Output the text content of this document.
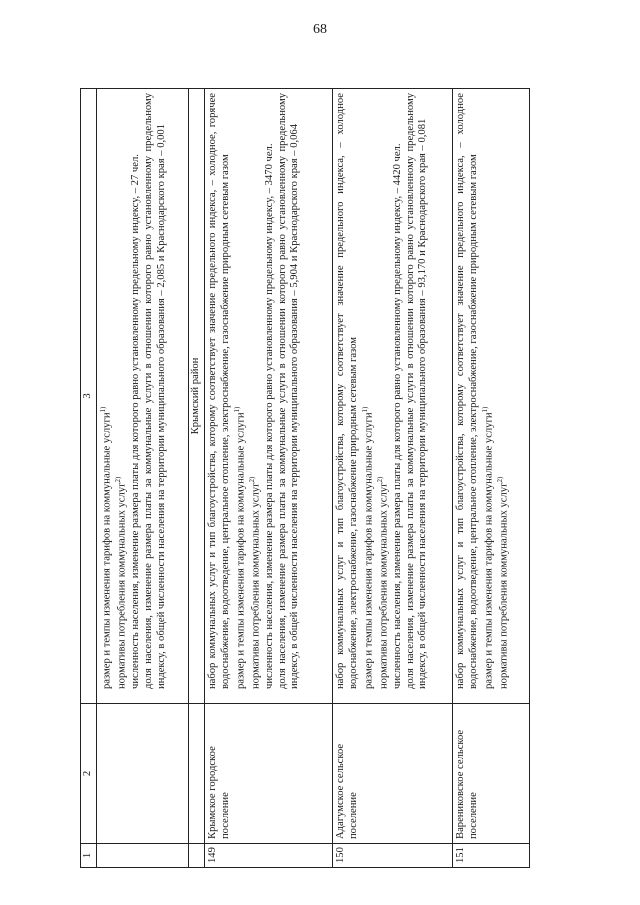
68
1	2	3

		размер и темпы изменения тарифов на коммунальные услуги$^{1)}$
нормативы потребления коммунальных услуг$^{2)}$ численность населения, изменение размера платы для которого равно установленному предельному индексу, – 27 чел. доля населения, изменение размера платы за коммунальные услуги в отношении которого равно установленному предельному индексу, в общей численности населения на территории муниципального образования – 2,085 и Краснодарского края – 0,001

		Крымский район
149	Крымское городское поселение	набор коммунальных услуг и тип благоустройства, которому соответствует значение предельного индекса, – холодное, горячее водоснабжение, водоотведение, центральное отопление, электроснабжение, газоснабжение природным сетевым газом размер и темпы изменения тарифов на коммунальные услуги$^{1)}$
нормативы потребления коммунальных услуг$^{2)}$ численность населения, изменение размера платы для которого равно установленному предельному индексу, – 3470 чел. доля населения, изменение размера платы за коммунальные услуги в отношении которого равно установленному предельному индексу, в общей численности населения на территории муниципального образования – 5,904 и Краснодарского края – 0,064

150	Адагумское сельское поселение	набор коммунальных услуг и тип благоустройства, которому соответствует значение предельного индекса, – холодное водоснабжение, электроснабжение, газоснабжение природным сетевым газом размер и темпы изменения тарифов на коммунальные услуги$^{1)}$
нормативы потребления коммунальных услуг$^{2)}$ численность населения, изменение размера платы для которого равно установленному предельному индексу, – 4420 чел. доля населения, изменение размера платы за коммунальные услуги в отношении которого равно установленному предельному индексу, в общей численности населения на территории муниципального образования – 93,170 и Краснодарского края – 0,081

151	Варениковское сельское поселение	набор коммунальных услуг и тип благоустройства, которому соответствует значение предельного индекса, – холодное водоснабжение, водоотведение, центральное отопление, электроснабжение, газоснабжение природным сетевым газом размер и темпы изменения тарифов на коммунальные услуги$^{1)}$
нормативы потребления коммунальных услуг$^{2)}$
